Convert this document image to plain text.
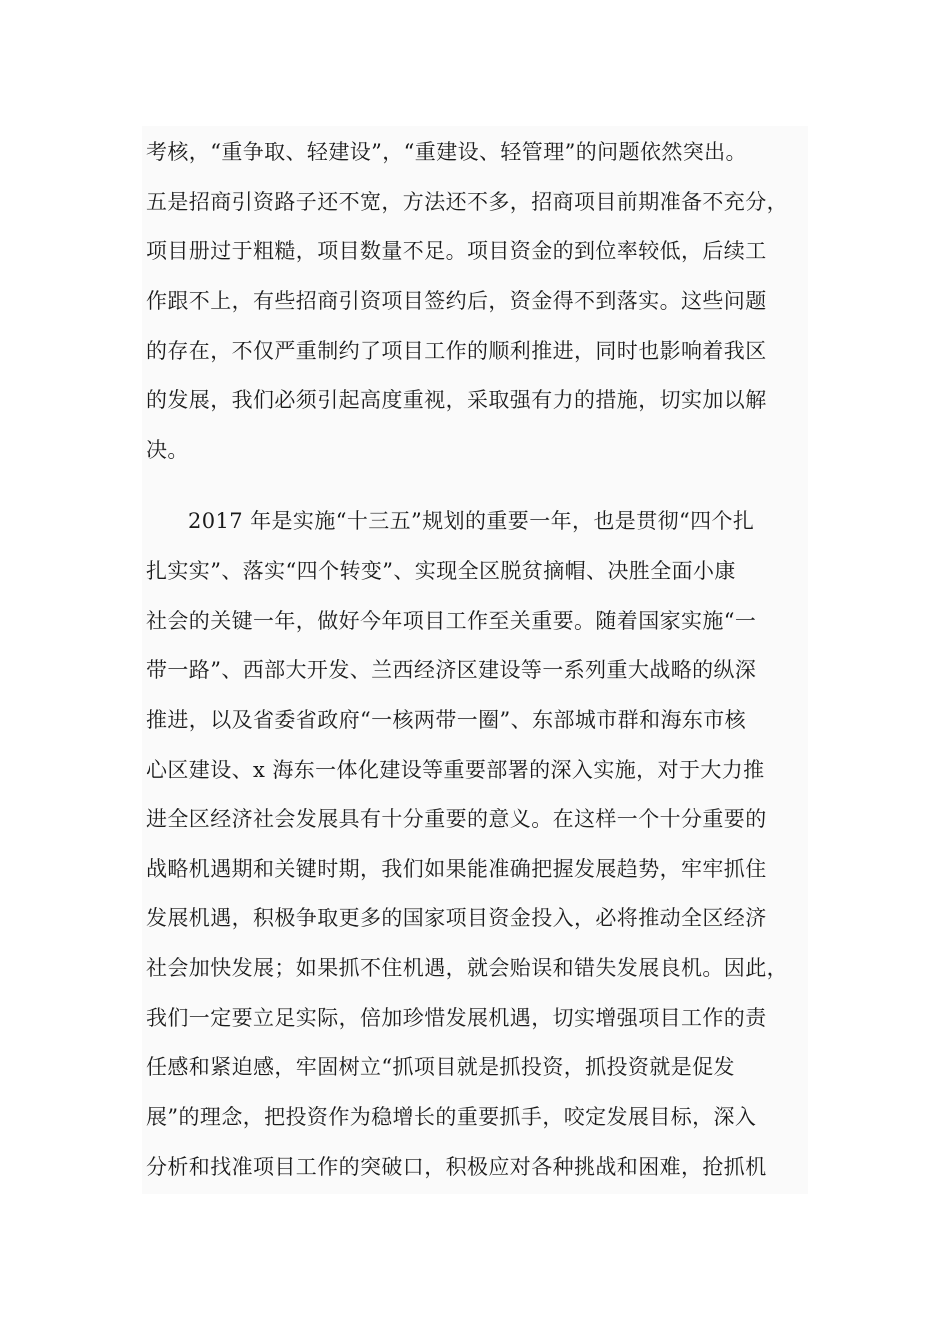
考核，“重争取、轻建设”，“重建设、轻管理”的问题依然突出。
五是招商引资路子还不宽，方法还不多，招商项目前期准备不充分，
项目册过于粗糙，项目数量不足。项目资金的到位率较低，后续工
作跟不上，有些招商引资项目签约后，资金得不到落实。这些问题
的存在，不仅严重制约了项目工作的顺利推进，同时也影响着我区
的发展，我们必须引起高度重视，采取强有力的措施，切实加以解
决。
2017 年是实施“十三五”规划的重要一年，也是贯彻“四个扎
扎实实”、落实“四个转变”、实现全区脱贫摘帽、决胜全面小康
社会的关键一年，做好今年项目工作至关重要。随着国家实施“一
带一路”、西部大开发、兰西经济区建设等一系列重大战略的纵深
推进，以及省委省政府“一核两带一圈”、东部城市群和海东市核
心区建设、x 海东一体化建设等重要部署的深入实施，对于大力推
进全区经济社会发展具有十分重要的意义。在这样一个十分重要的
战略机遇期和关键时期，我们如果能准确把握发展趋势，牢牢抓住
发展机遇，积极争取更多的国家项目资金投入，必将推动全区经济
社会加快发展；如果抓不住机遇，就会贻误和错失发展良机。因此，
我们一定要立足实际，倍加珍惜发展机遇，切实增强项目工作的责
任感和紧迫感，牢固树立“抓项目就是抓投资，抓投资就是促发
展”的理念，把投资作为稳增长的重要抓手，咬定发展目标，深入
分析和找准项目工作的突破口，积极应对各种挑战和困难，抢抓机
